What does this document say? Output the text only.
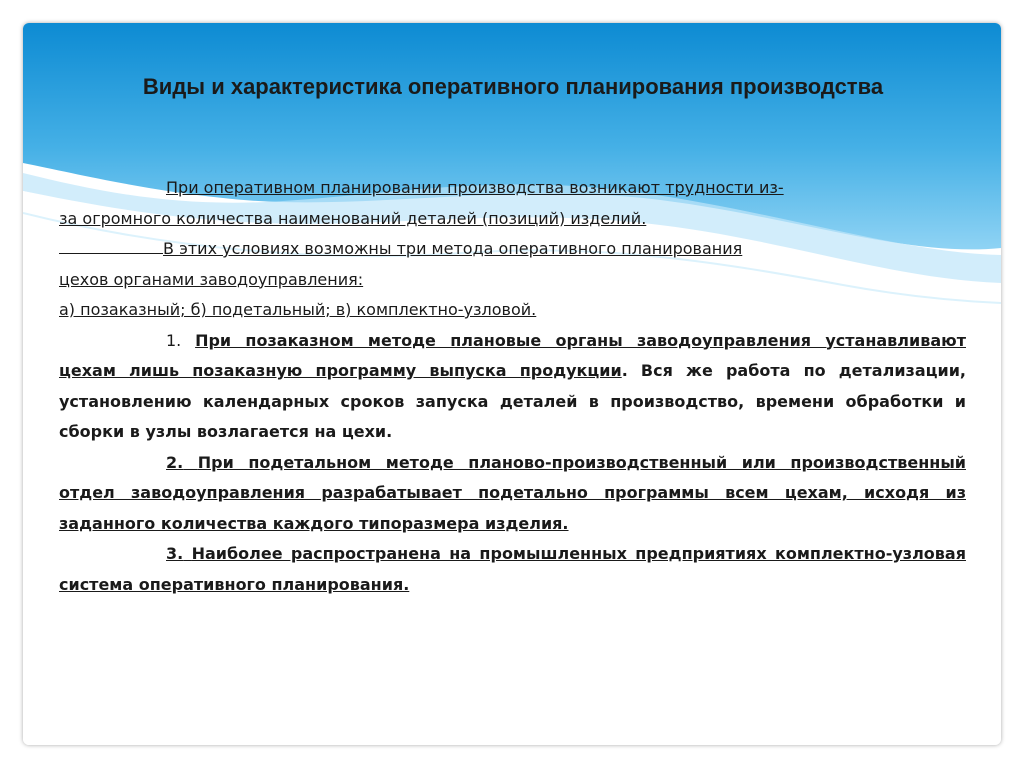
Виды и характеристика оперативного планирования производства

При оперативном планировании производства возникают трудности из-

за огромного количества наименований деталей (позиций) изделий.

В этих условиях возможны три метода оперативного планирования

цехов органами заводоуправления:

а) позаказный; б) подетальный; в) комплектно-узловой.

1. При позаказном методе плановые органы заводоуправления устанавливают цехам лишь позаказную программу выпуска продукции. Вся же работа по детализации, установлению календарных сроков запуска деталей в производство, времени обработки и сборки в узлы возлагается на цехи.

2. При подетальном методе планово-производственный или производственный отдел заводоуправления разрабатывает подетально программы всем цехам, исходя из заданного количества каждого типоразмера изделия.

3. Наиболее распространена на промышленных предприятиях комплектно-узловая система оперативного планирования.
